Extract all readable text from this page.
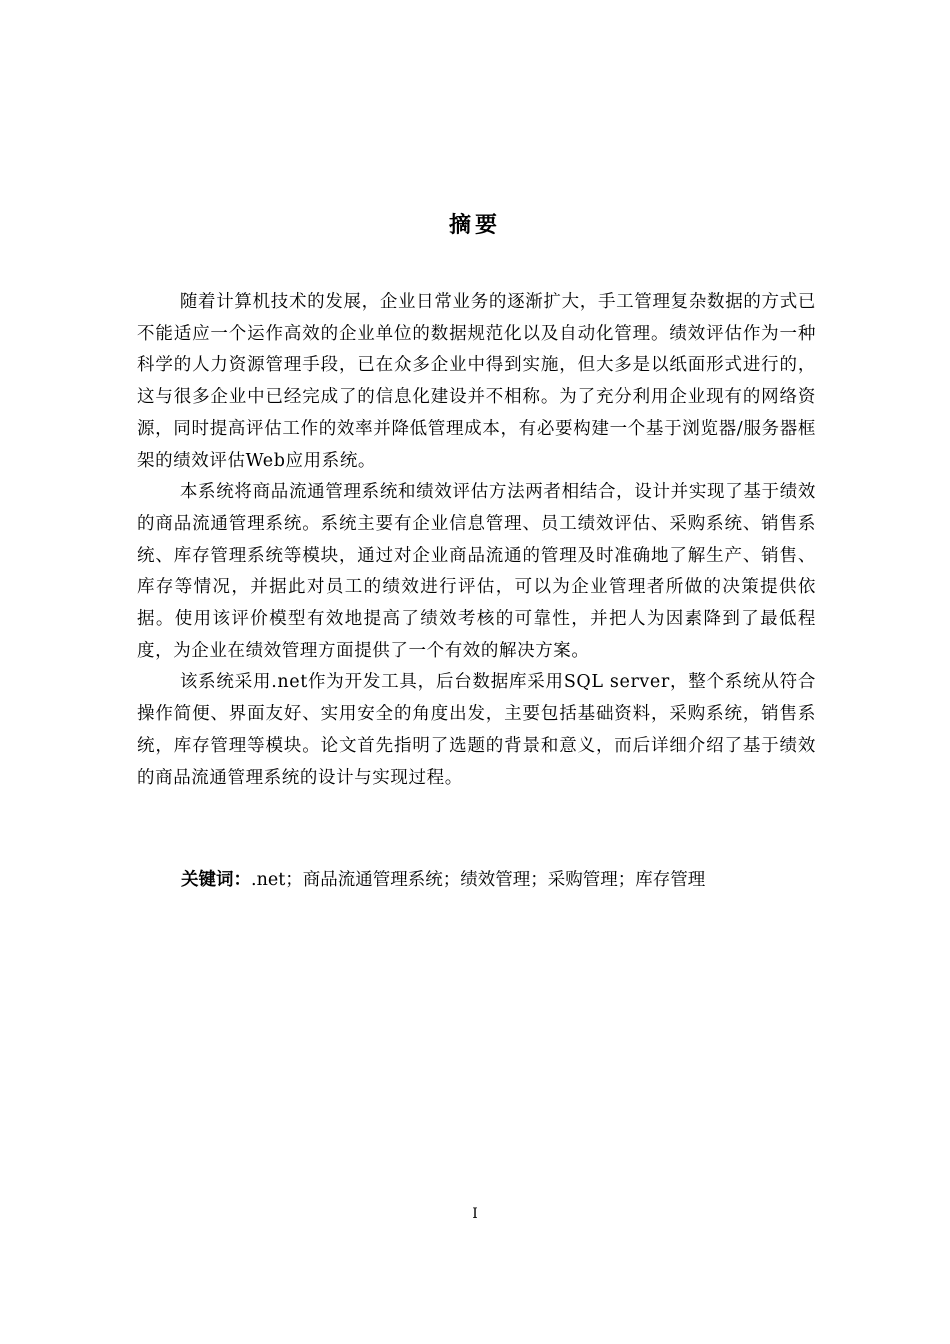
摘要

随着计算机技术的发展，企业日常业务的逐渐扩大，手工管理复杂数据的方式已不能适应一个运作高效的企业单位的数据规范化以及自动化管理。绩效评估作为一种科学的人力资源管理手段，已在众多企业中得到实施，但大多是以纸面形式进行的，这与很多企业中已经完成了的信息化建设并不相称。为了充分利用企业现有的网络资源，同时提高评估工作的效率并降低管理成本，有必要构建一个基于浏览器/服务器框架的绩效评估Web应用系统。

本系统将商品流通管理系统和绩效评估方法两者相结合，设计并实现了基于绩效的商品流通管理系统。系统主要有企业信息管理、员工绩效评估、采购系统、销售系统、库存管理系统等模块，通过对企业商品流通的管理及时准确地了解生产、销售、库存等情况，并据此对员工的绩效进行评估，可以为企业管理者所做的决策提供依据。使用该评价模型有效地提高了绩效考核的可靠性，并把人为因素降到了最低程度，为企业在绩效管理方面提供了一个有效的解决方案。

该系统采用.net作为开发工具，后台数据库采用SQL server，整个系统从符合操作简便、界面友好、实用安全的角度出发，主要包括基础资料，采购系统，销售系统，库存管理等模块。论文首先指明了选题的背景和意义，而后详细介绍了基于绩效的商品流通管理系统的设计与实现过程。

关键词：.net；商品流通管理系统；绩效管理；采购管理；库存管理
I
